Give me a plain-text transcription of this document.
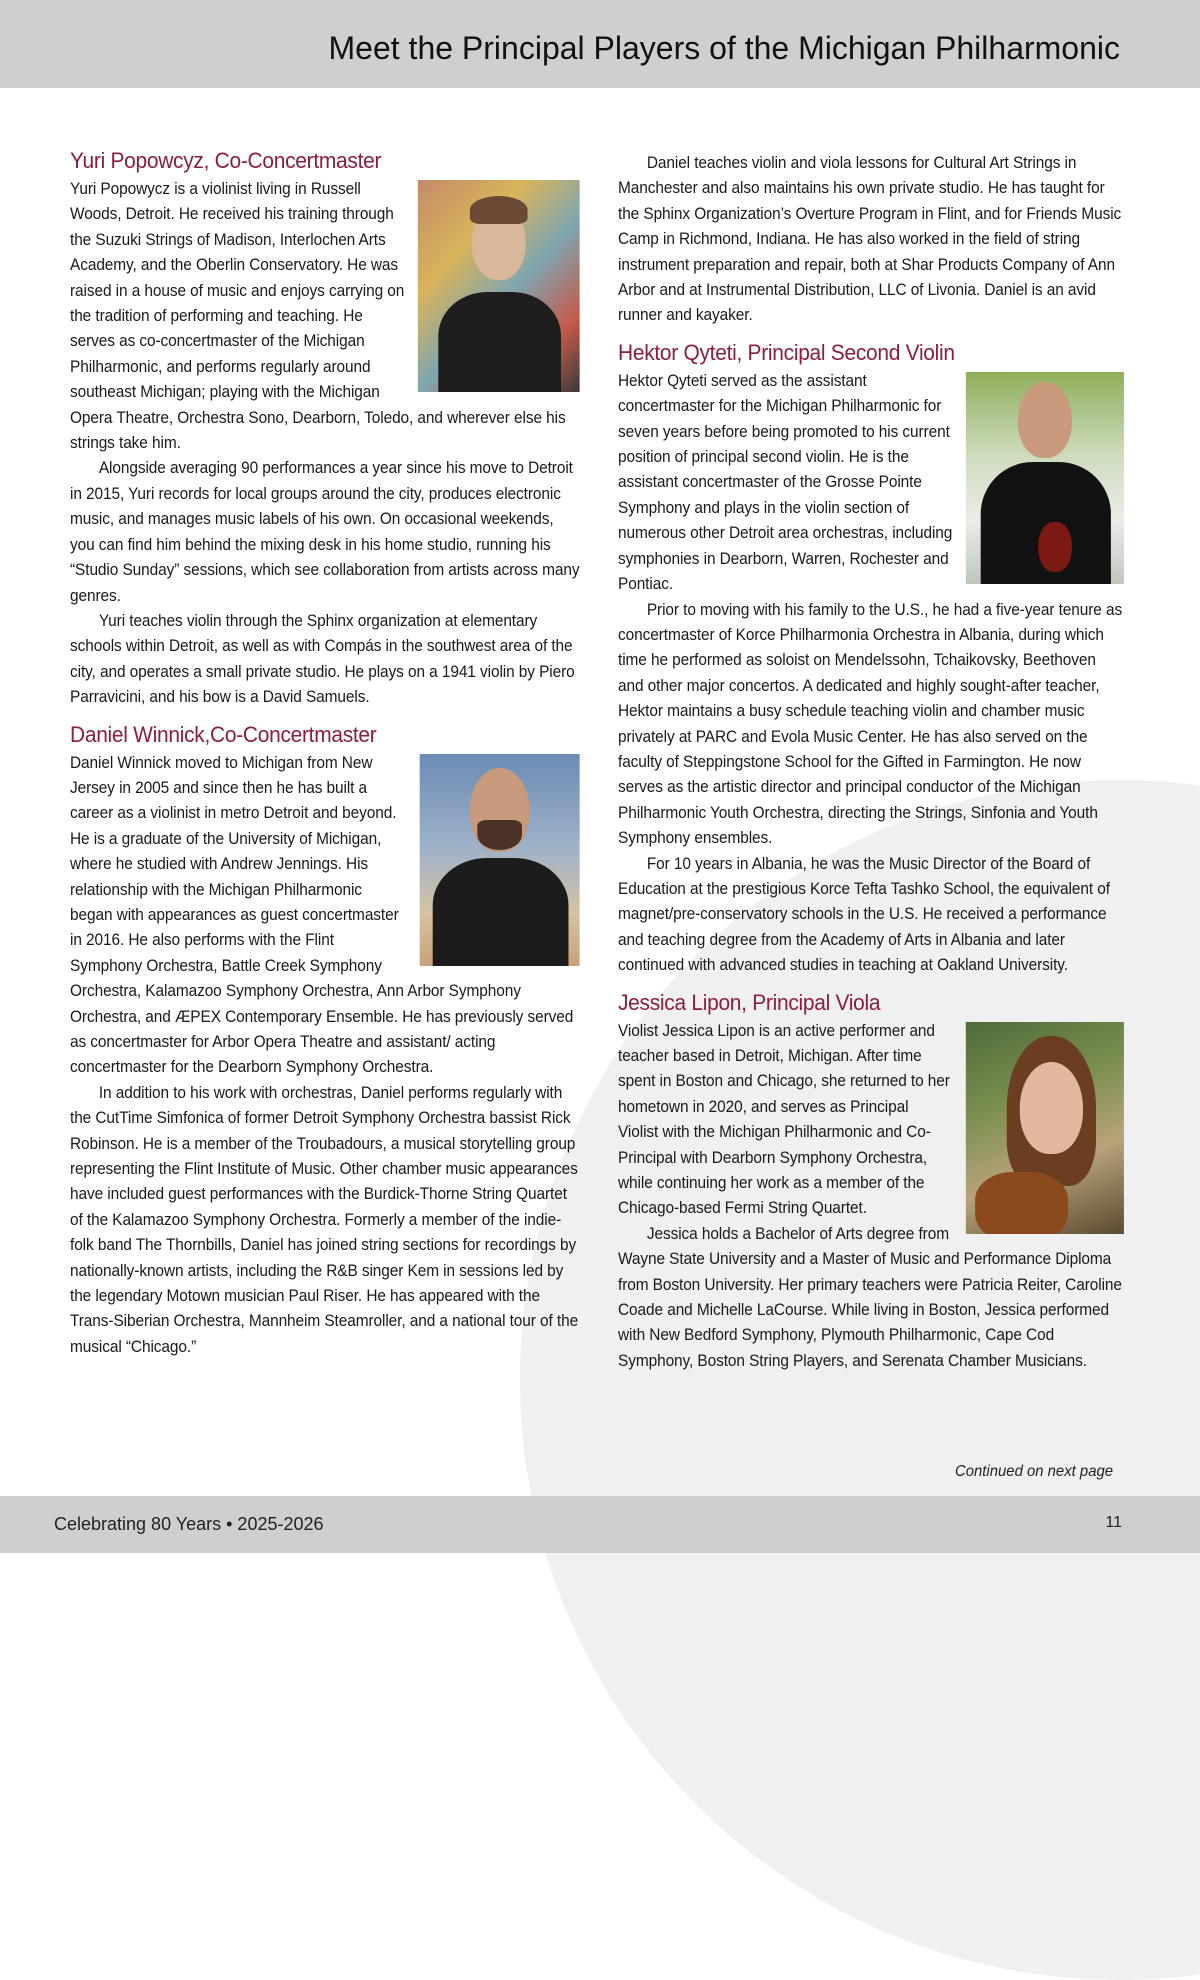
Meet the Principal Players of the Michigan Philharmonic
Yuri Popowcyz, Co-Concertmaster

Yuri Popowycz is a violinist living in Russell Woods, Detroit. He received his training through the Suzuki Strings of Madison, Interlochen Arts Academy, and the Oberlin Conservatory. He was raised in a house of music and enjoys carrying on the tradition of performing and teaching. He serves as co-concertmaster of the Michigan Philharmonic, and performs regularly around southeast Michigan; playing with the Michigan Opera Theatre, Orchestra Sono, Dearborn, Toledo, and wherever else his strings take him.

Alongside averaging 90 performances a year since his move to Detroit in 2015, Yuri records for local groups around the city, produces electronic music, and manages music labels of his own. On occasional weekends, you can find him behind the mixing desk in his home studio, running his “Studio Sunday” sessions, which see collaboration from artists across many genres.

Yuri teaches violin through the Sphinx organization at elementary schools within Detroit, as well as with Compás in the southwest area of the city, and operates a small private studio. He plays on a 1941 violin by Piero Parravicini, and his bow is a David Samuels.

Daniel Winnick,Co-Concertmaster

Daniel Winnick moved to Michigan from New Jersey in 2005 and since then he has built a career as a violinist in metro Detroit and beyond. He is a graduate of the University of Michigan, where he studied with Andrew Jennings. His relationship with the Michigan Philharmonic began with appearances as guest concertmaster in 2016. He also performs with the Flint Symphony Orchestra, Battle Creek Symphony Orchestra, Kalamazoo Symphony Orchestra, Ann Arbor Symphony Orchestra, and ÆPEX Contemporary Ensemble. He has previously served as concertmaster for Arbor Opera Theatre and assistant/ acting concertmaster for the Dearborn Symphony Orchestra.

In addition to his work with orchestras, Daniel performs regularly with the CutTime Simfonica of former Detroit Symphony Orchestra bassist Rick Robinson. He is a member of the Troubadours, a musical storytelling group representing the Flint Institute of Music. Other chamber music appearances have included guest performances with the Burdick-Thorne String Quartet of the Kalamazoo Symphony Orchestra. Formerly a member of the indie-folk band The Thornbills, Daniel has joined string sections for recordings by nationally-known artists, including the R&B singer Kem in sessions led by the legendary Motown musician Paul Riser. He has appeared with the Trans-Siberian Orchestra, Mannheim Steamroller, and a national tour of the musical “Chicago.”

Daniel teaches violin and viola lessons for Cultural Art Strings in Manchester and also maintains his own private studio. He has taught for the Sphinx Organization’s Overture Program in Flint, and for Friends Music Camp in Richmond, Indiana. He has also worked in the field of string instrument preparation and repair, both at Shar Products Company of Ann Arbor and at Instrumental Distribution, LLC of Livonia. Daniel is an avid runner and kayaker.

Hektor Qyteti, Principal Second Violin

Hektor Qyteti served as the assistant concertmaster for the Michigan Philharmonic for seven years before being promoted to his current position of principal second violin. He is the assistant concertmaster of the Grosse Pointe Symphony and plays in the violin section of numerous other Detroit area orchestras, including symphonies in Dearborn, Warren, Rochester and Pontiac.

Prior to moving with his family to the U.S., he had a five-year tenure as concertmaster of Korce Philharmonia Orchestra in Albania, during which time he performed as soloist on Mendelssohn, Tchaikovsky, Beethoven and other major concertos. A dedicated and highly sought-after teacher, Hektor maintains a busy schedule teaching violin and chamber music privately at PARC and Evola Music Center. He has also served on the faculty of Steppingstone School for the Gifted in Farmington. He now serves as the artistic director and principal conductor of the Michigan Philharmonic Youth Orchestra, directing the Strings, Sinfonia and Youth Symphony ensembles.

For 10 years in Albania, he was the Music Director of the Board of Education at the prestigious Korce Tefta Tashko School, the equivalent of magnet/pre-conservatory schools in the U.S. He received a performance and teaching degree from the Academy of Arts in Albania and later continued with advanced studies in teaching at Oakland University.

Jessica Lipon, Principal Viola

Violist Jessica Lipon is an active performer and teacher based in Detroit, Michigan. After time spent in Boston and Chicago, she returned to her hometown in 2020, and serves as Principal Violist with the Michigan Philharmonic and Co-Principal with Dearborn Symphony Orchestra, while continuing her work as a member of the Chicago-based Fermi String Quartet.

Jessica holds a Bachelor of Arts degree from Wayne State University and a Master of Music and Performance Diploma from Boston University. Her primary teachers were Patricia Reiter, Caroline Coade and Michelle LaCourse. While living in Boston, Jessica performed with New Bedford Symphony, Plymouth Philharmonic, Cape Cod Symphony, Boston String Players, and Serenata Chamber Musicians.

Continued on next page
Celebrating 80 Years • 2025-2026	11
